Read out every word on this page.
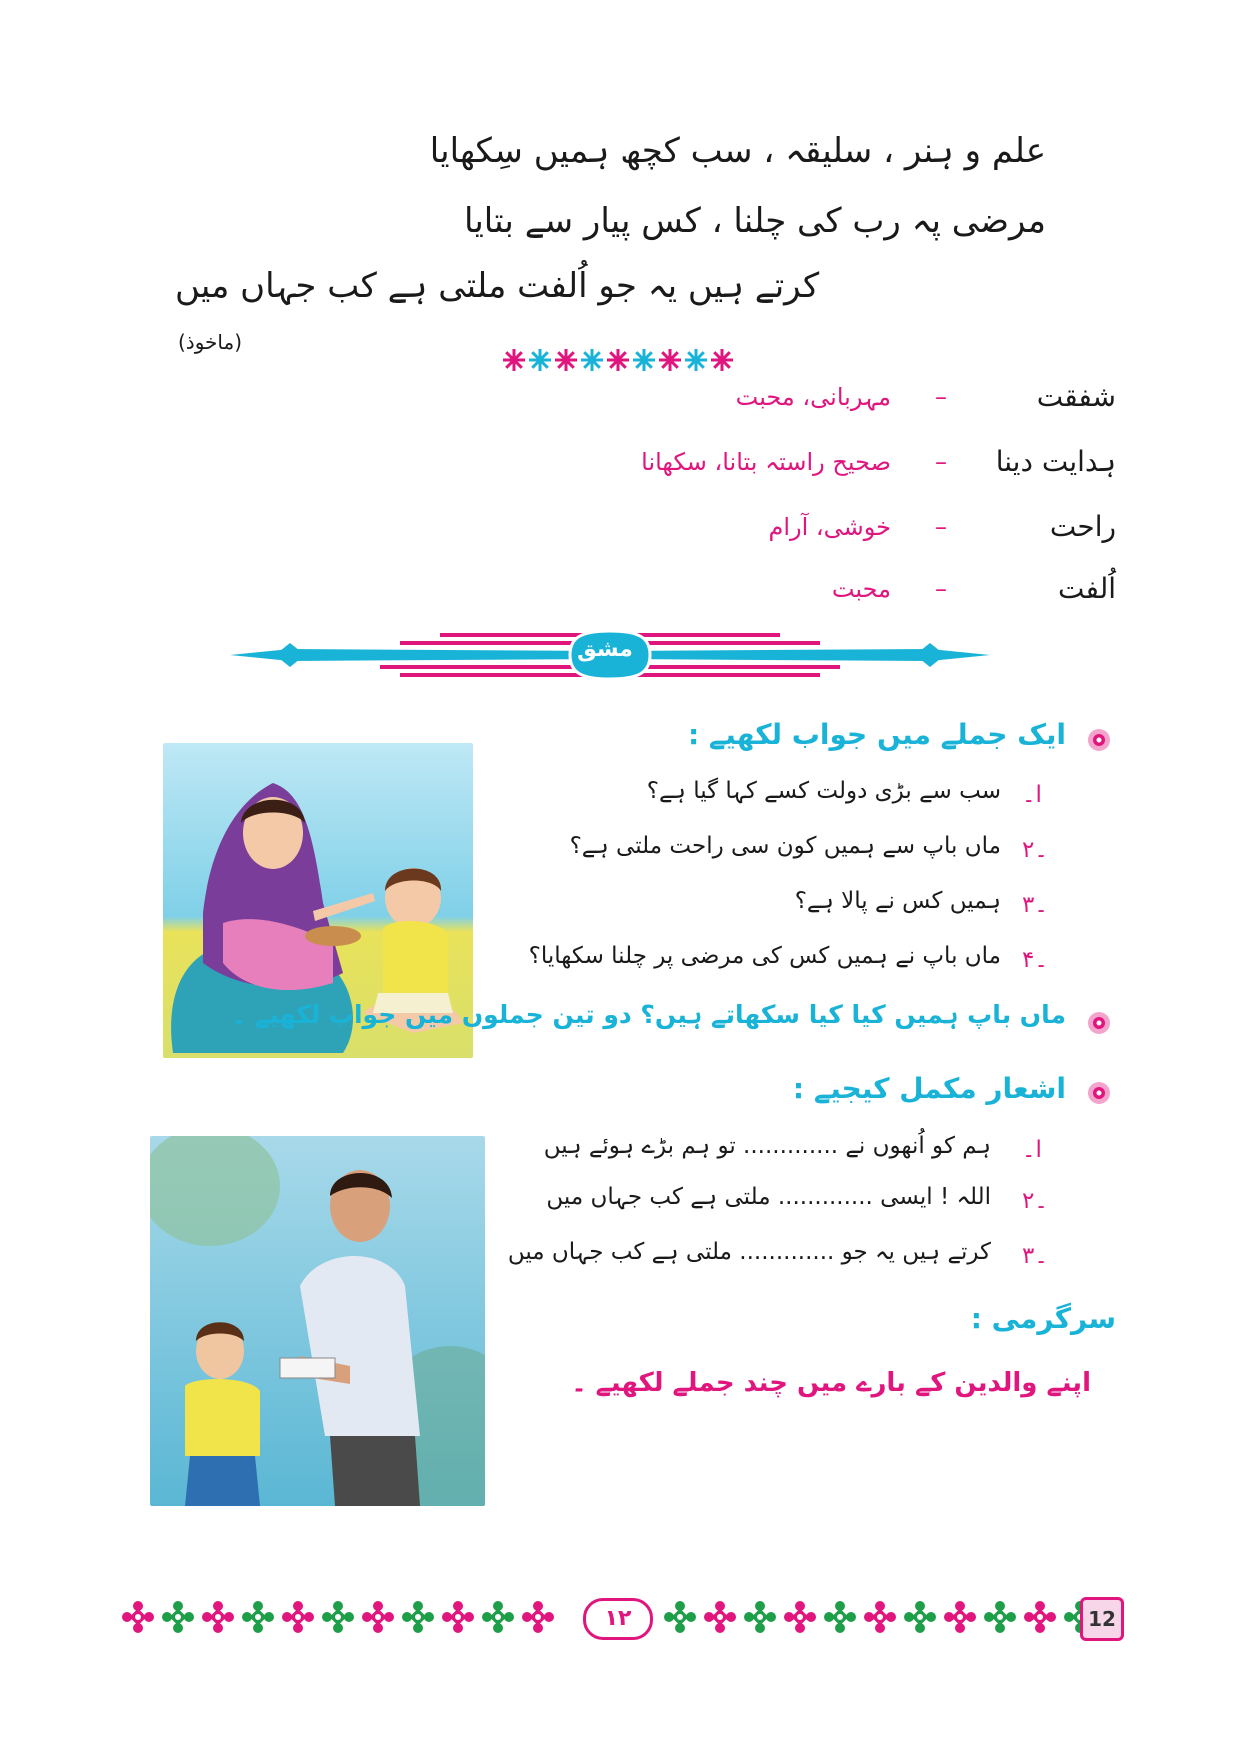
علم و ہنر ، سلیقہ ، سب کچھ ہمیں سِکھایا
مرضی پہ رب کی چلنا ، کس پیار سے بتایا
کرتے ہیں یہ جو اُلفت ملتی ہے کب جہاں میں
(ماخوذ)
شفقت
–
مہربانی، محبت
ہدایت دینا
–
صحیح راستہ بتانا، سکھانا
راحت
–
خوشی، آرام
اُلفت
–
محبت
مشق
ایک جملے میں جواب لکھیے :
ا۔
سب سے بڑی دولت کسے کہا گیا ہے؟
۲۔
ماں باپ سے ہمیں کون سی راحت ملتی ہے؟
۳۔
ہمیں کس نے پالا ہے؟
۴۔
ماں باپ نے ہمیں کس کی مرضی پر چلنا سکھایا؟
ماں باپ ہمیں کیا کیا سکھاتے ہیں؟ دو تین جملوں میں جواب لکھیے ۔
اشعار مکمل کیجیے :
ا۔
ہم کو اُنھوں نے ............. تو ہم بڑے ہوئے ہیں
۲۔
اللہ ! ایسی ............. ملتی ہے کب جہاں میں
۳۔
کرتے ہیں یہ جو ............. ملتی ہے کب جہاں میں
سرگرمی :
اپنے والدین کے بارے میں چند جملے لکھیے ۔
۱۲	12
